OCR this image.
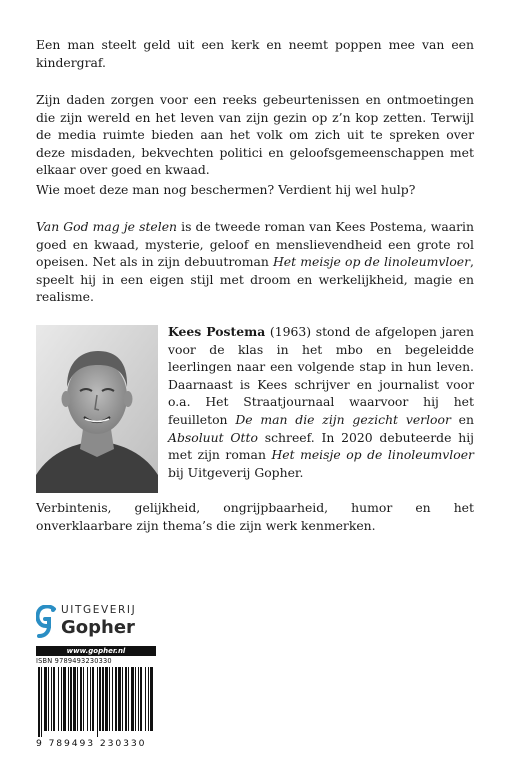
Een man steelt geld uit een kerk en neemt poppen mee van een kindergraf.

Zijn daden zorgen voor een reeks gebeurtenissen en ontmoetingen die zijn wereld en het leven van zijn gezin op z’n kop zetten. Terwijl de media ruimte bieden aan het volk om zich uit te spreken over deze misdaden, bekvechten politici en geloofsgemeenschappen met elkaar over goed en kwaad.

Wie moet deze man nog beschermen? Verdient hij wel hulp?

Van God mag je stelen is de tweede roman van Kees Postema, waarin goed en kwaad, mysterie, geloof en menslievendheid een grote rol opeisen. Net als in zijn debuutroman Het meisje op de linoleumvloer, speelt hij in een eigen stijl met droom en werkelijkheid, magie en realisme.

Kees Postema (1963) stond de afgelopen jaren voor de klas in het mbo en begeleidde leerlingen naar een volgende stap in hun leven. Daarnaast is Kees schrijver en journalist voor o.a. Het Straatjournaal waarvoor hij het feuilleton De man die zijn gezicht verloor en Absoluut Otto schreef. In 2020 debuteerde hij met zijn roman Het meisje op de linoleumvloer bij Uitgeverij Gopher.

Verbintenis, gelijkheid, ongrijpbaarheid, humor en het onverklaarbare zijn thema’s die zijn werk kenmerken.

UITGEVERIJ
Gopher
www.gopher.nl
ISBN 9789493230330
9 789493 230330
